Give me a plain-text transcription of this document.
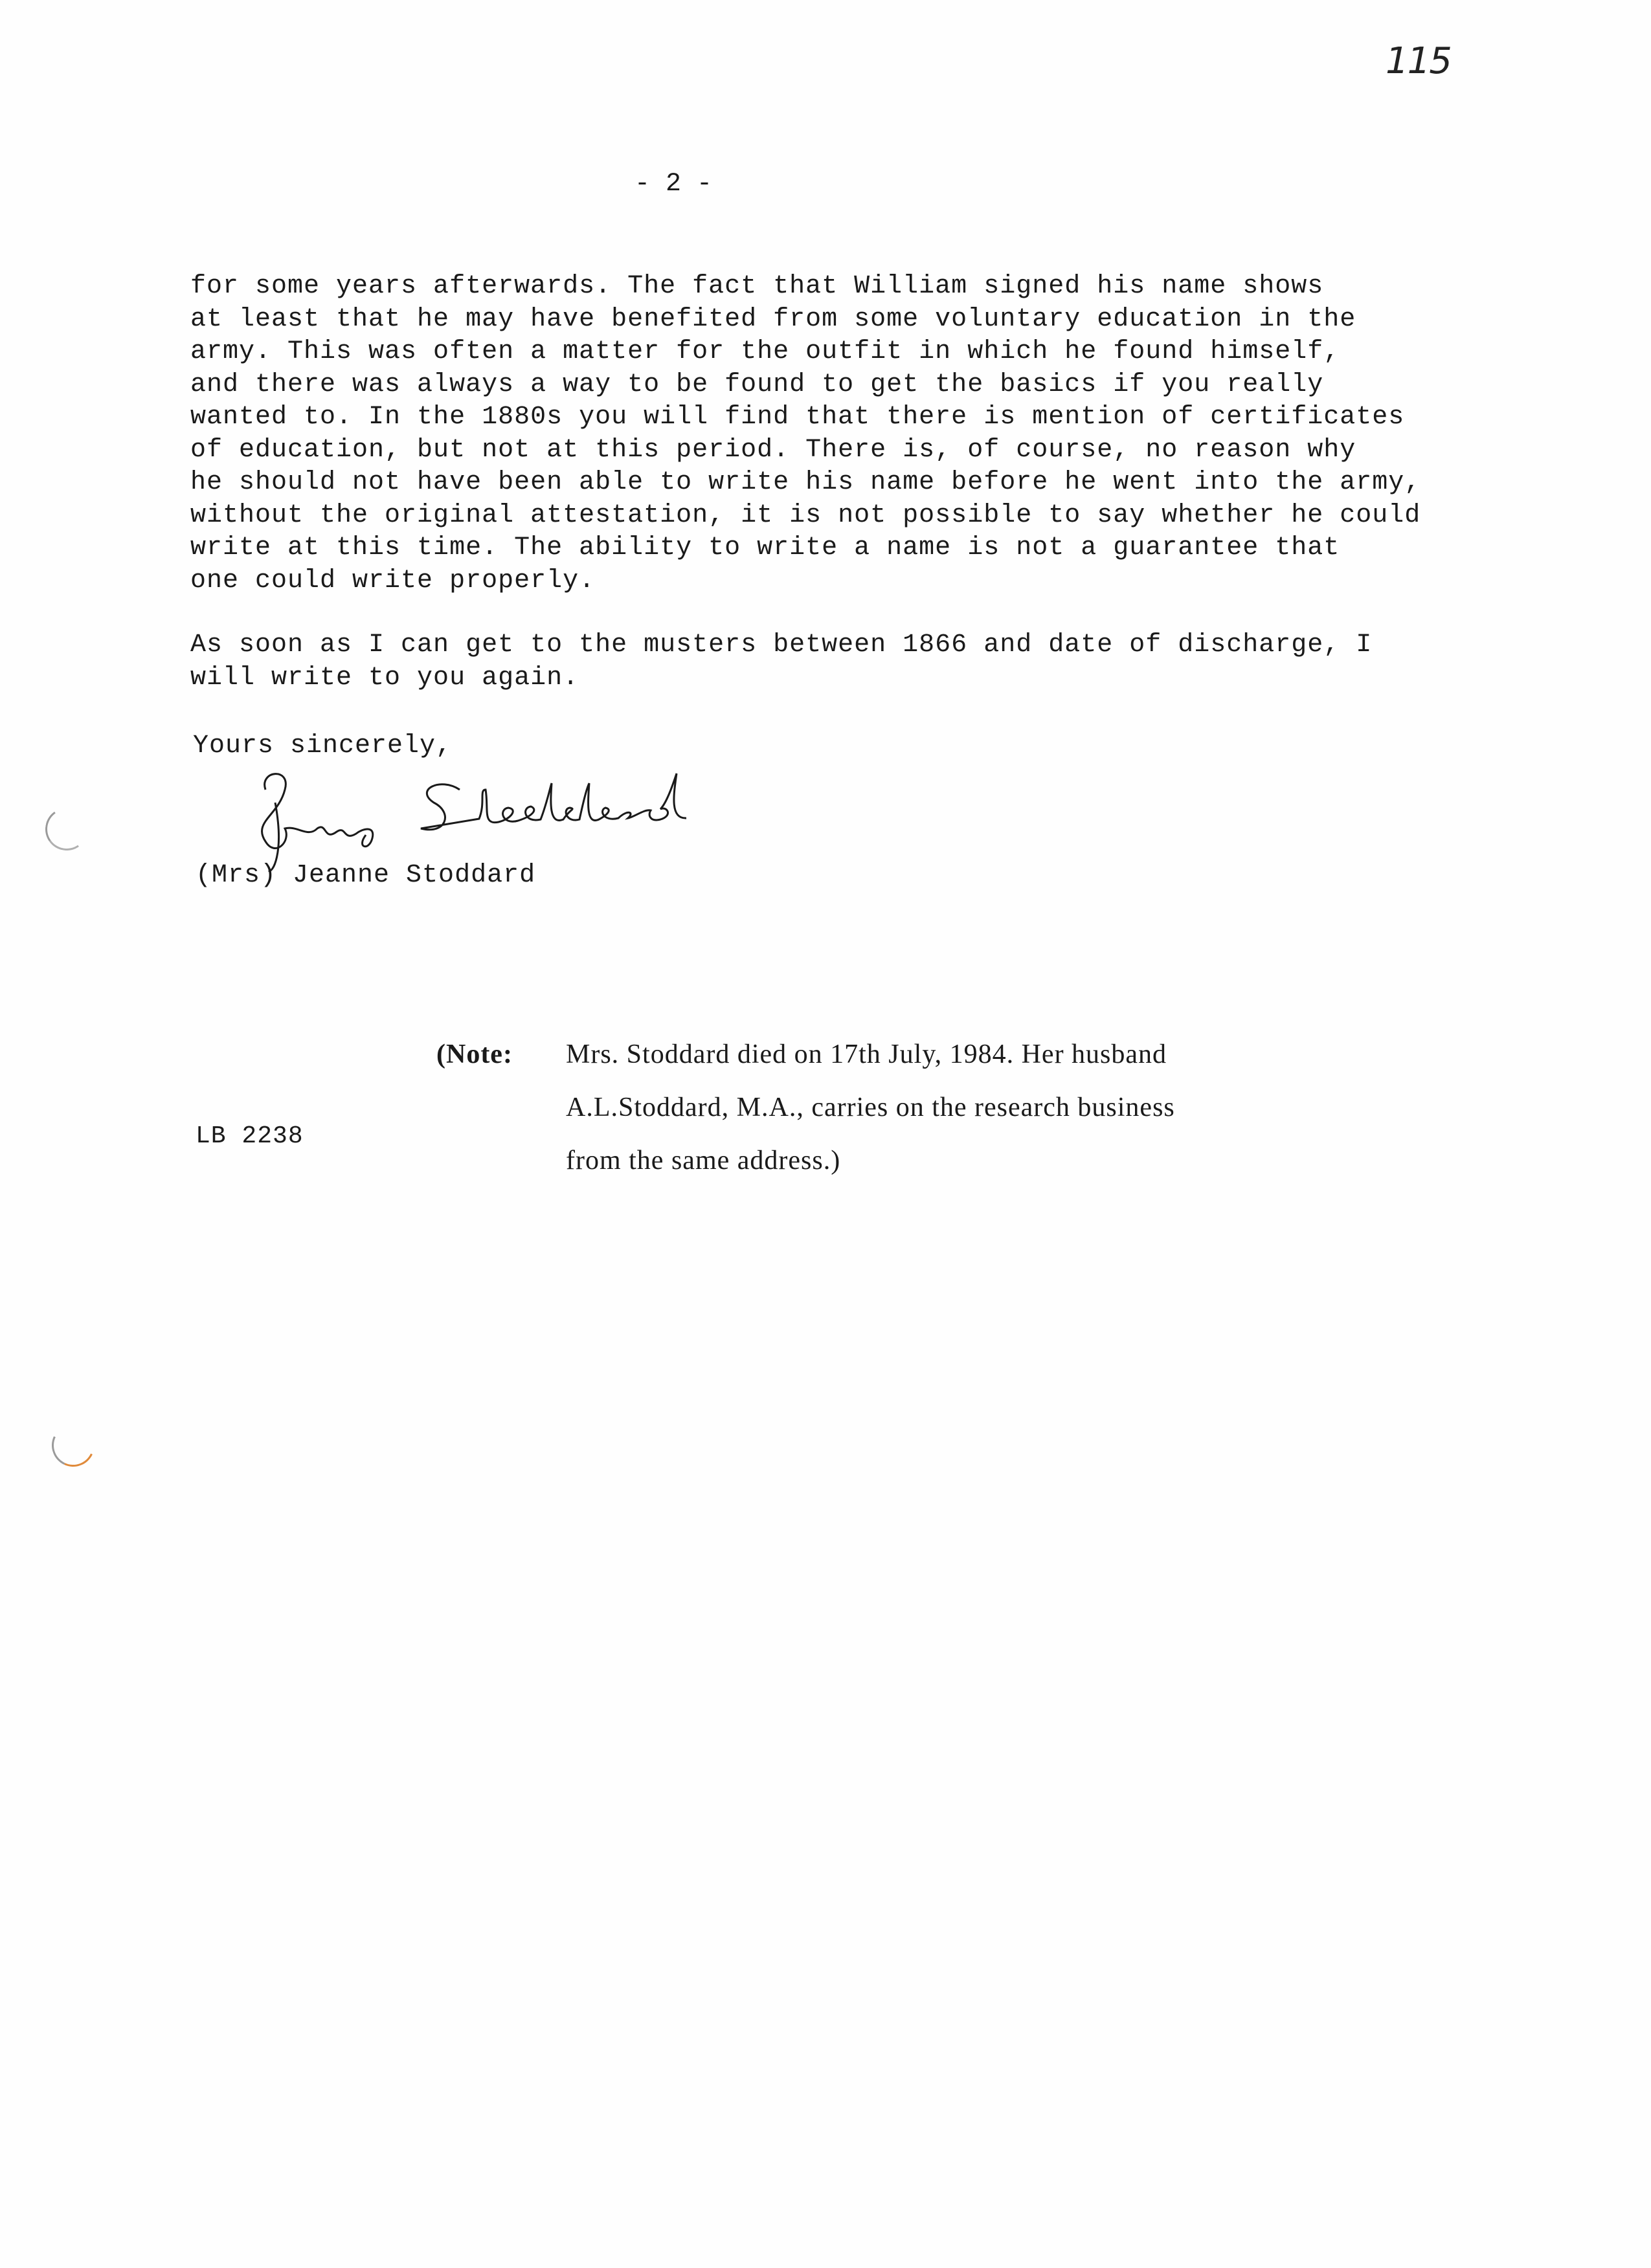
115
- 2 -
for some years afterwards. The fact that William signed his name shows
at least that he may have benefited from some voluntary education in the
army. This was often a matter for the outfit in which he found himself,
and there was always a way to be found to get the basics if you really
wanted to. In the 1880s you will find that there is mention of certificates
of education, but not at this period. There is, of course, no reason why
he should not have been able to write his name before he went into the army,
without the original attestation, it is not possible to say whether he could
write at this time. The ability to write a name is not a guarantee that
one could write properly.
As soon as I can get to the musters between 1866 and date of discharge, I
will write to you again.
Yours sincerely,
(Mrs) Jeanne Stoddard
(Note: Mrs. Stoddard died on 17th July, 1984. Her husband
A.L.Stoddard, M.A., carries on the research business
from the same address.)
LB 2238
